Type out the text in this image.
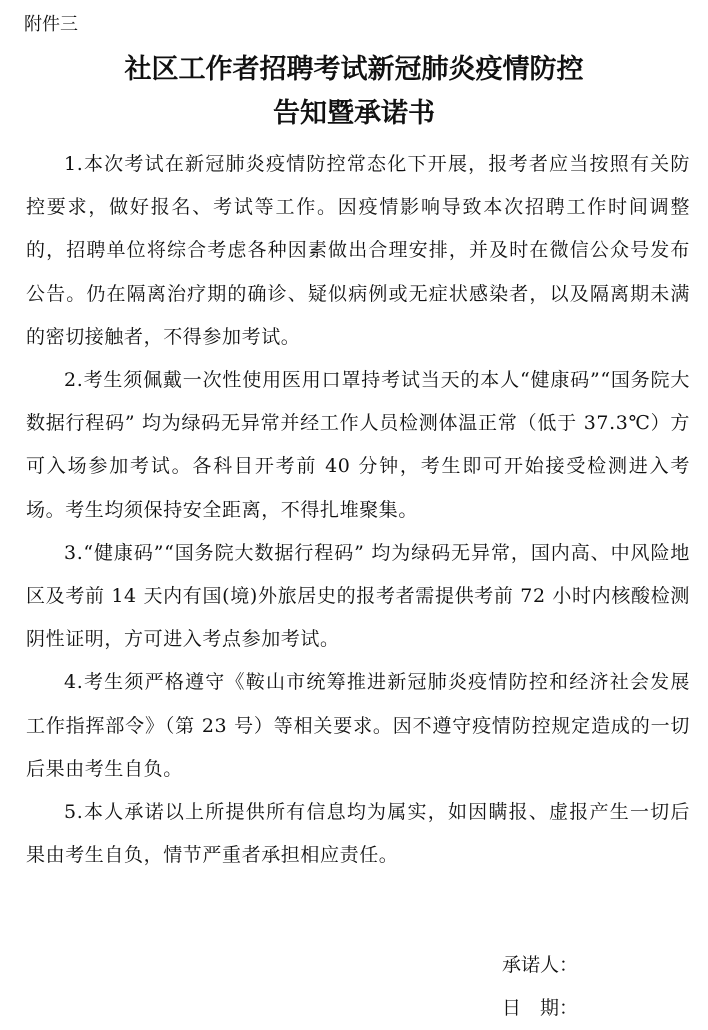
附件三
社区工作者招聘考试新冠肺炎疫情防控
告知暨承诺书

1.本次考试在新冠肺炎疫情防控常态化下开展，报考者应当按照有关防控要求，做好报名、考试等工作。因疫情影响导致本次招聘工作时间调整的，招聘单位将综合考虑各种因素做出合理安排，并及时在微信公众号发布公告。仍在隔离治疗期的确诊、疑似病例或无症状感染者，以及隔离期未满的密切接触者，不得参加考试。

2.考生须佩戴一次性使用医用口罩持考试当天的本人“健康码”“国务院大数据行程码” 均为绿码无异常并经工作人员检测体温正常（低于 37.3℃）方可入场参加考试。各科目开考前 40 分钟，考生即可开始接受检测进入考场。考生均须保持安全距离，不得扎堆聚集。

3.“健康码”“国务院大数据行程码” 均为绿码无异常，国内高、中风险地区及考前 14 天内有国(境)外旅居史的报考者需提供考前 72 小时内核酸检测阴性证明，方可进入考点参加考试。

4.考生须严格遵守《鞍山市统筹推进新冠肺炎疫情防控和经济社会发展工作指挥部令》（第 23 号）等相关要求。因不遵守疫情防控规定造成的一切后果由考生自负。

5.本人承诺以上所提供所有信息均为属实，如因瞒报、虚报产生一切后果由考生自负，情节严重者承担相应责任。

承诺人：
日　期：
